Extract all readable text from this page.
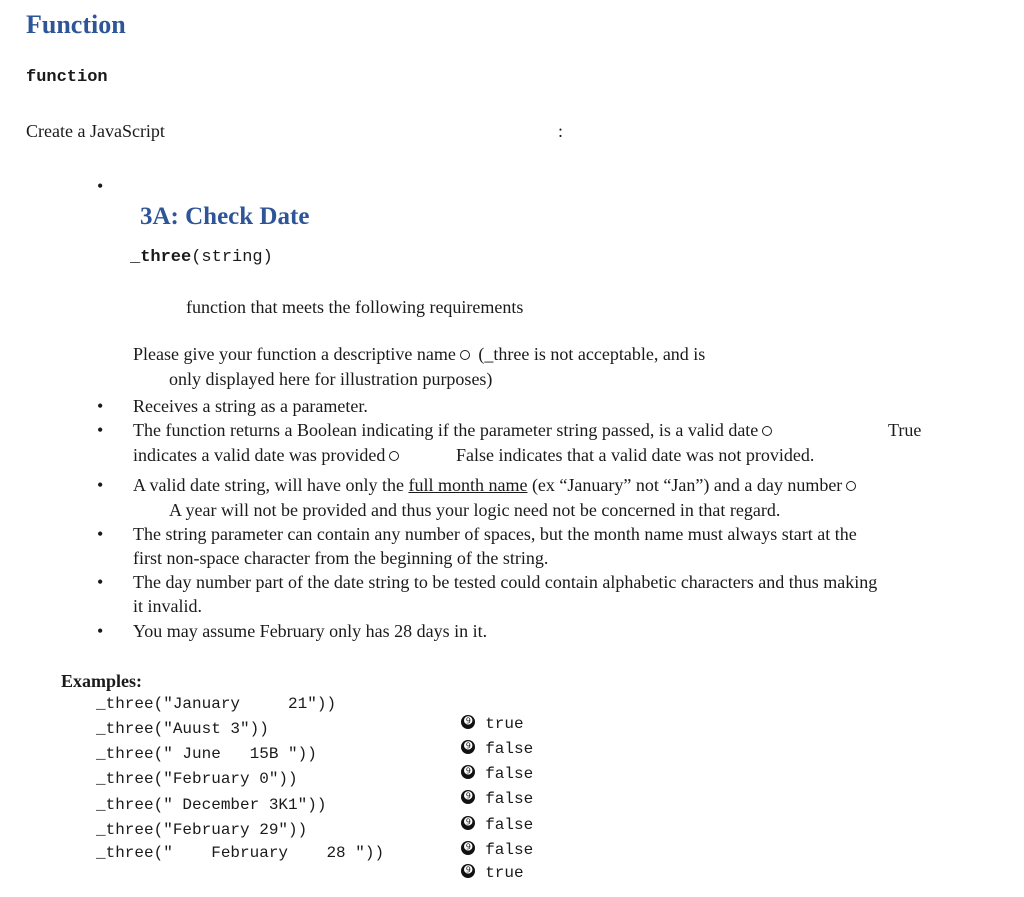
Function
function
Create a JavaScript	:
•
3A: Check Date
_three(string)
function that meets the following requirements
Please give your function a descriptive name (_three is not acceptable, and is
only displayed here for illustration purposes)
• Receives a string as a parameter.
• The function returns a Boolean indicating if the parameter string passed, is a valid date	True
indicates a valid date was provided	False indicates that a valid date was not provided.
• A valid date string, will have only the full month name (ex “January” not “Jan”) and a day number
A year will not be provided and thus your logic need not be concerned in that regard.
• The string parameter can contain any number of spaces, but the month name must always start at the
first non-space character from the beginning of the string.
• The day number part of the date string to be tested could contain alphabetic characters and thus making
it invalid.
• You may assume February only has 28 days in it.
Examples:
_three("January     21"))

➒ true

_three("Auust 3"))

➒ false

_three(" June   15B "))

➒ false

_three("February 0"))

➒ false

_three(" December 3K1"))

➒ false

_three("February 29"))

➒ false

_three("    February    28 "))

➒ true
